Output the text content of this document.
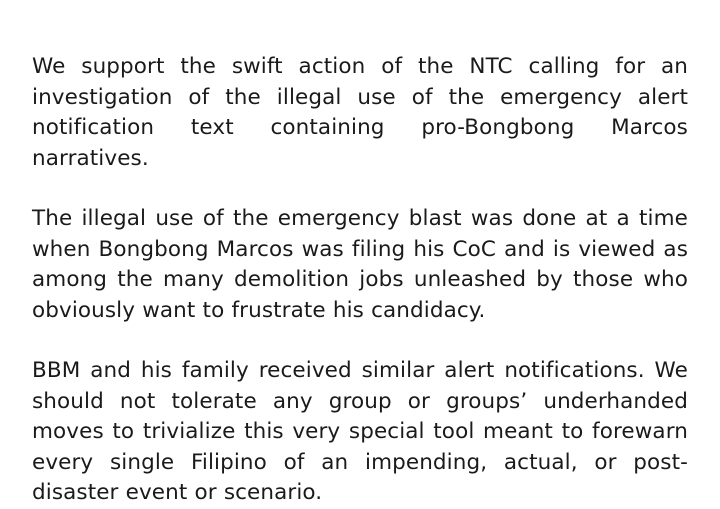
We support the swift action of the NTC calling for an investigation of the illegal use of the emergency alert notification text containing pro-Bongbong Marcos narratives.

The illegal use of the emergency blast was done at a time when Bongbong Marcos was filing his CoC and is viewed as among the many demolition jobs unleashed by those who obviously want to frustrate his candidacy.

BBM and his family received similar alert notifications. We should not tolerate any group or groups’ underhanded moves to trivialize this very special tool meant to forewarn every single Filipino of an impending, actual, or post-disaster event or scenario.
